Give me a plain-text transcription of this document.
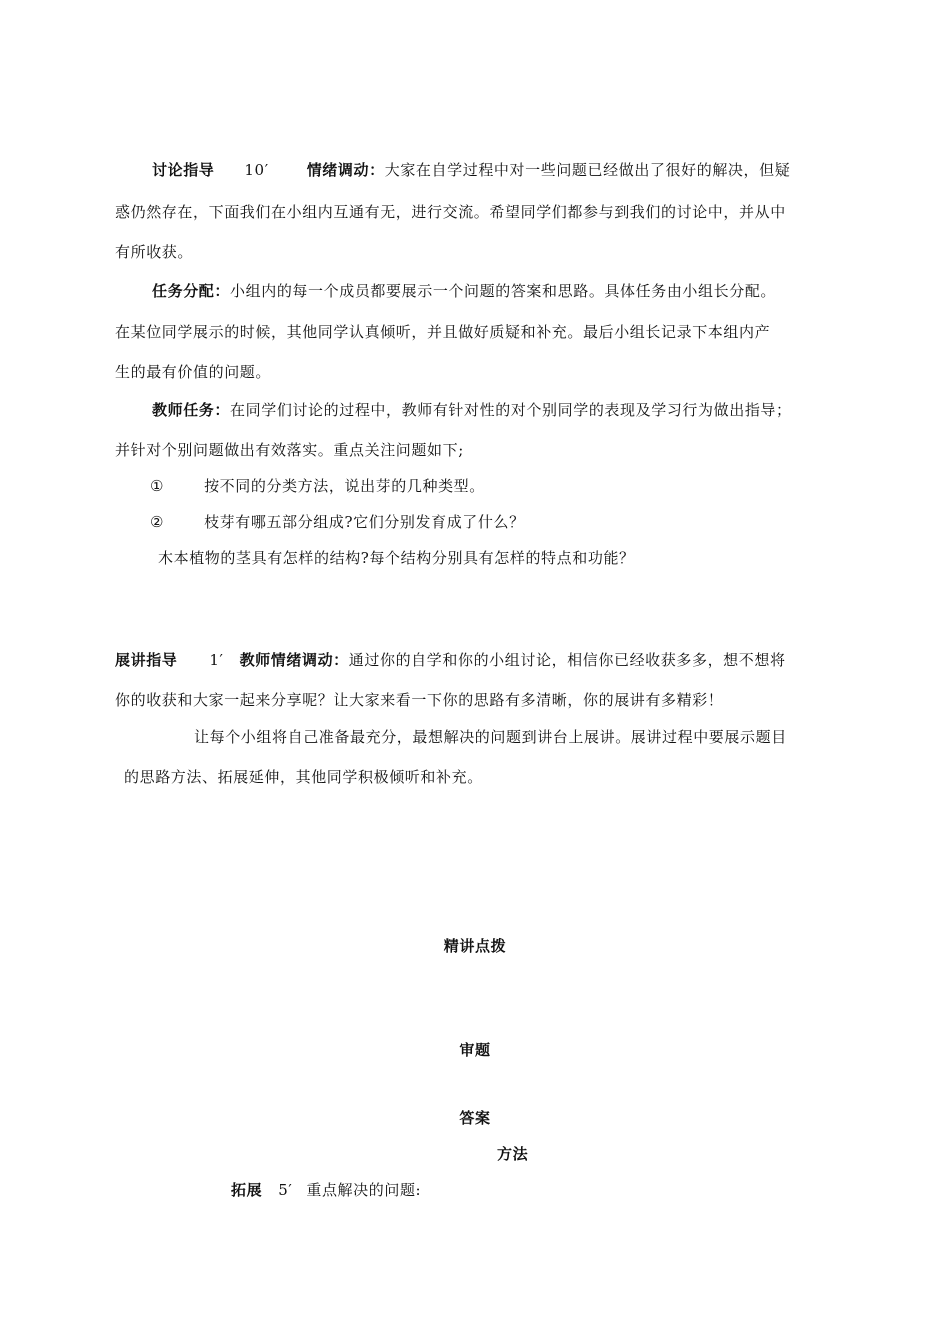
讨论指导 10′	情绪调动：大家在自学过程中对一些问题已经做出了很好的解决，但疑
惑仍然存在，下面我们在小组内互通有无，进行交流。希望同学们都参与到我们的讨论中，并从中
有所收获。
任务分配：小组内的每一个成员都要展示一个问题的答案和思路。具体任务由小组长分配。
在某位同学展示的时候，其他同学认真倾听，并且做好质疑和补充。最后小组长记录下本组内产
生的最有价值的问题。
教师任务：在同学们讨论的过程中，教师有针对性的对个别同学的表现及学习行为做出指导；
并针对个别问题做出有效落实。重点关注问题如下;
①	按不同的分类方法，说出芽的几种类型。
②	枝芽有哪五部分组成?它们分别发育成了什么？
木本植物的茎具有怎样的结构?每个结构分别具有怎样的特点和功能？
展讲指导 1′ 教师情绪调动：通过你的自学和你的小组讨论，相信你已经收获多多，想不想将
你的收获和大家一起来分享呢？让大家来看一下你的思路有多清晰，你的展讲有多精彩！
让每个小组将自己准备最充分，最想解决的问题到讲台上展讲。展讲过程中要展示题目
的思路方法、拓展延伸，其他同学积极倾听和补充。
精讲点拨
审题
答案
方法
拓展 5′ 重点解决的问题:
